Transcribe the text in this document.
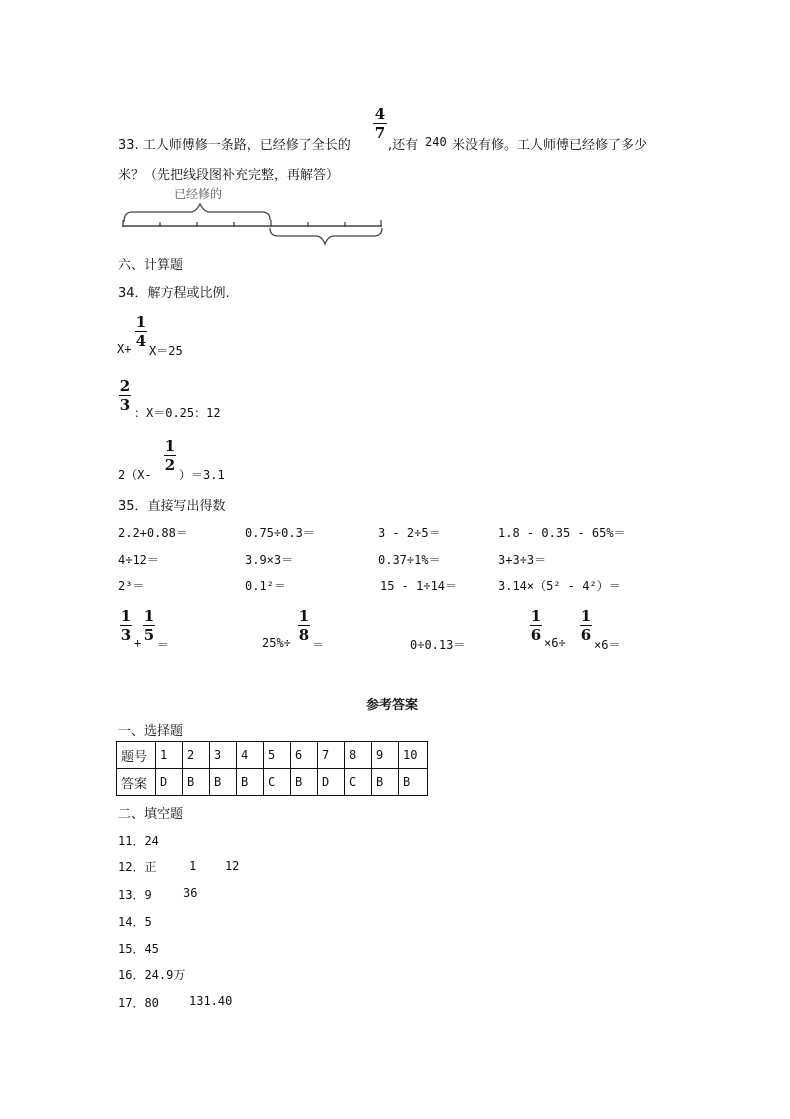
33. 工人师傅修一条路，已经修了全长的
4
7
,还有 240 米没有修。工人师傅已经修了多少
米？（先把线段图补充完整，再解答）
已经修的
六、计算题
34．解方程或比例.
X+
1
4
X＝25
2
3 ：X＝0.25：12
2（X-
1
2
）＝3.1
35．直接写出得数
2.2+0.88＝	0.75÷0.3＝	3 - 2÷5＝	1.8 - 0.35 - 65%＝
4÷12＝	3.9×3＝	0.37÷1%＝	3+3÷3＝
2³＝	0.1²＝	15 - 1÷14＝	3.14×（5² - 4²）＝
1
3 +
1
5
＝	25%÷
1
8
＝	0÷0.13＝
1
6 ×6÷
1
6
×6＝
参考答案
一、选择题
题号	1	2	3	4	5	6	7	8	9	10
答案	D	B	B	B	C	B	D	C	B	B
二、填空题
11．24
12．正	1 12
13．9	36
14．5
15．45
16．24.9万
17．80	131.40
